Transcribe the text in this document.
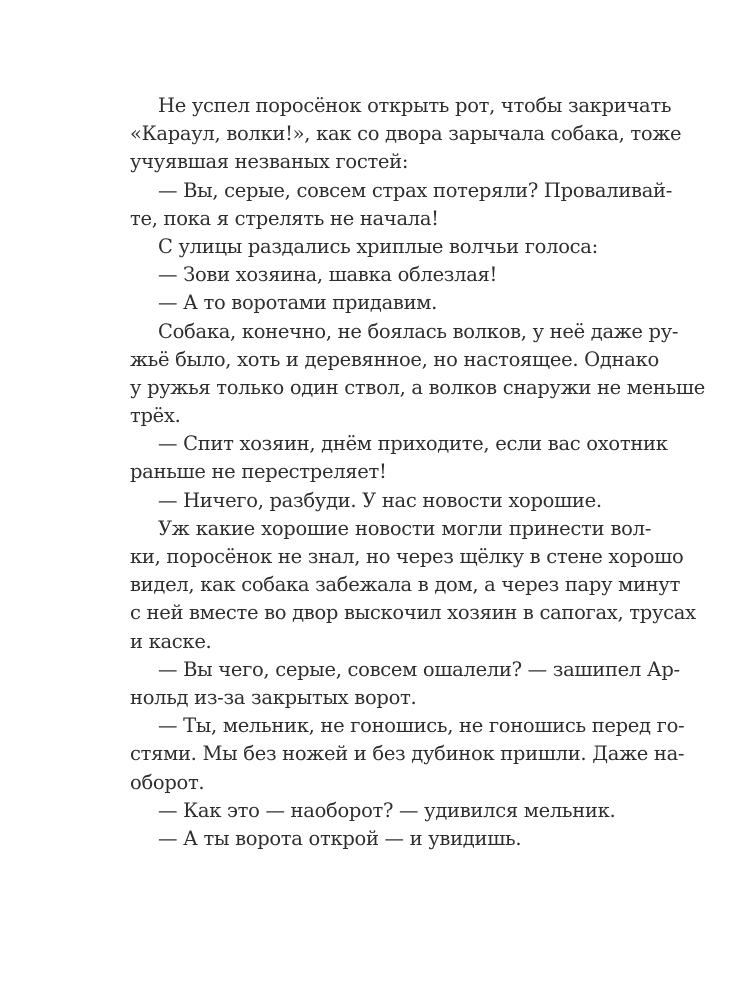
Не успел поросёнок открыть рот, чтобы закричать
«Караул, волки!», как со двора зарычала собака, тоже
учуявшая незваных гостей:
— Вы, серые, совсем страх потеряли? Проваливай-
те, пока я стрелять не начала!
С улицы раздались хриплые волчьи голоса:
— Зови хозяина, шавка облезлая!
— А то воротами придавим.
Собака, конечно, не боялась волков, у неё даже ру-
жьё было, хоть и деревянное, но настоящее. Однако
у ружья только один ствол, а волков снаружи не меньше
трёх.
— Спит хозяин, днём приходите, если вас охотник
раньше не перестреляет!
— Ничего, разбуди. У нас новости хорошие.
Уж какие хорошие новости могли принести вол-
ки, поросёнок не знал, но через щёлку в стене хорошо
видел, как собака забежала в дом, а через пару минут
с ней вместе во двор выскочил хозяин в сапогах, трусах
и каске.
— Вы чего, серые, совсем ошалели? — зашипел Ар-
нольд из-за закрытых ворот.
— Ты, мельник, не гоношись, не гоношись перед го-
стями. Мы без ножей и без дубинок пришли. Даже на-
оборот.
— Как это — наоборот? — удивился мельник.
— А ты ворота открой — и увидишь.
